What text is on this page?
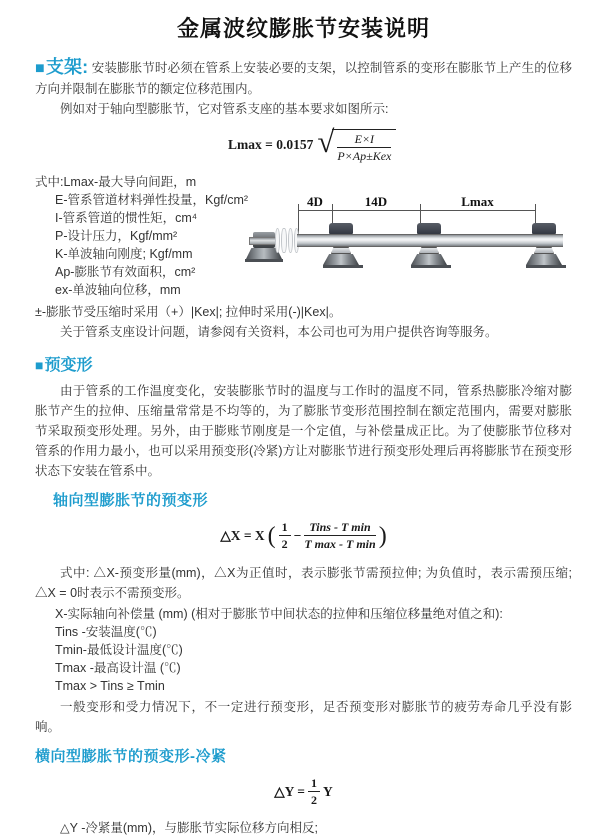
金属波纹膨胀节安装说明

■支架: 安装膨胀节时必须在管系上安装必要的支架，以控制管系的变形在膨胀节上产生的位移方向并限制在膨胀节的额定位移范围内。

例如对于轴向型膨胀节，它对管系支座的基本要求如图所示:

Lmax = 0.0157 √ $\frac{E\times I}{\text{P×Ap±Kex}}$

式中:Lmax-最大导向间距，m

E-管系管道材料弹性投量，Kgf/cm²

I-管系管道的惯性矩，cm⁴

P-设计压力，Kgf/mm²

K-单波轴向刚度; Kgf/mm

Ap-膨胀节有效面积，cm²

ex-单波轴向位移，mm

±-膨胀节受压缩时采用（+）|Kex|; 拉伸时采用(-)|Kex|。

关于管系支座设计问题，请参阅有关资料，本公司也可为用户提供咨询等服务。

■预变形

由于管系的工作温度变化，安装膨胀节时的温度与工作时的温度不同，管系热膨胀冷缩对膨胀节产生的拉伸、压缩量常常是不均等的，为了膨胀节变形范围控制在额定范围内，需要对膨胀节采取预变形处理。另外，由于膨账节刚度是一个定值，与补偿量成正比。为了使膨胀节位移对管系的作用力最小，也可以采用预变形(冷紧)方让对膨胀节进行预变形处理后再将膨胀节在预变形状态下安装在管系中。

轴向型膨胀节的预变形
△X = X ( $\frac{1}{2} - \frac{\text{Tins - T min}}{\text{T max - T min}}$ )

式中: △X-预变形量(mm)，△X为正值时，表示膨张节需预拉伸; 为负值时，表示需预压缩; △X = 0时表示不需预变形。

X-实际轴向补偿量 (mm) (相对于膨胀节中间状态的拉伸和压缩位移量绝对值之和):

Tins -安装温度(℃)

Tmin-最低设计温度(℃)

Tmax -最高设计温 (℃)

Tmax > Tins ≥ Tmin

一般变形和受力情况下，不一定进行预变形，足否预变形对膨胀节的疲劳寿命几乎没有影响。

横向型膨胀节的预变形-冷紧
△Y = $\frac{1}{2}$ Y

△Y -冷紧量(mm)，与膨胀节实际位移方向相反;

4D	14D	Lmax
